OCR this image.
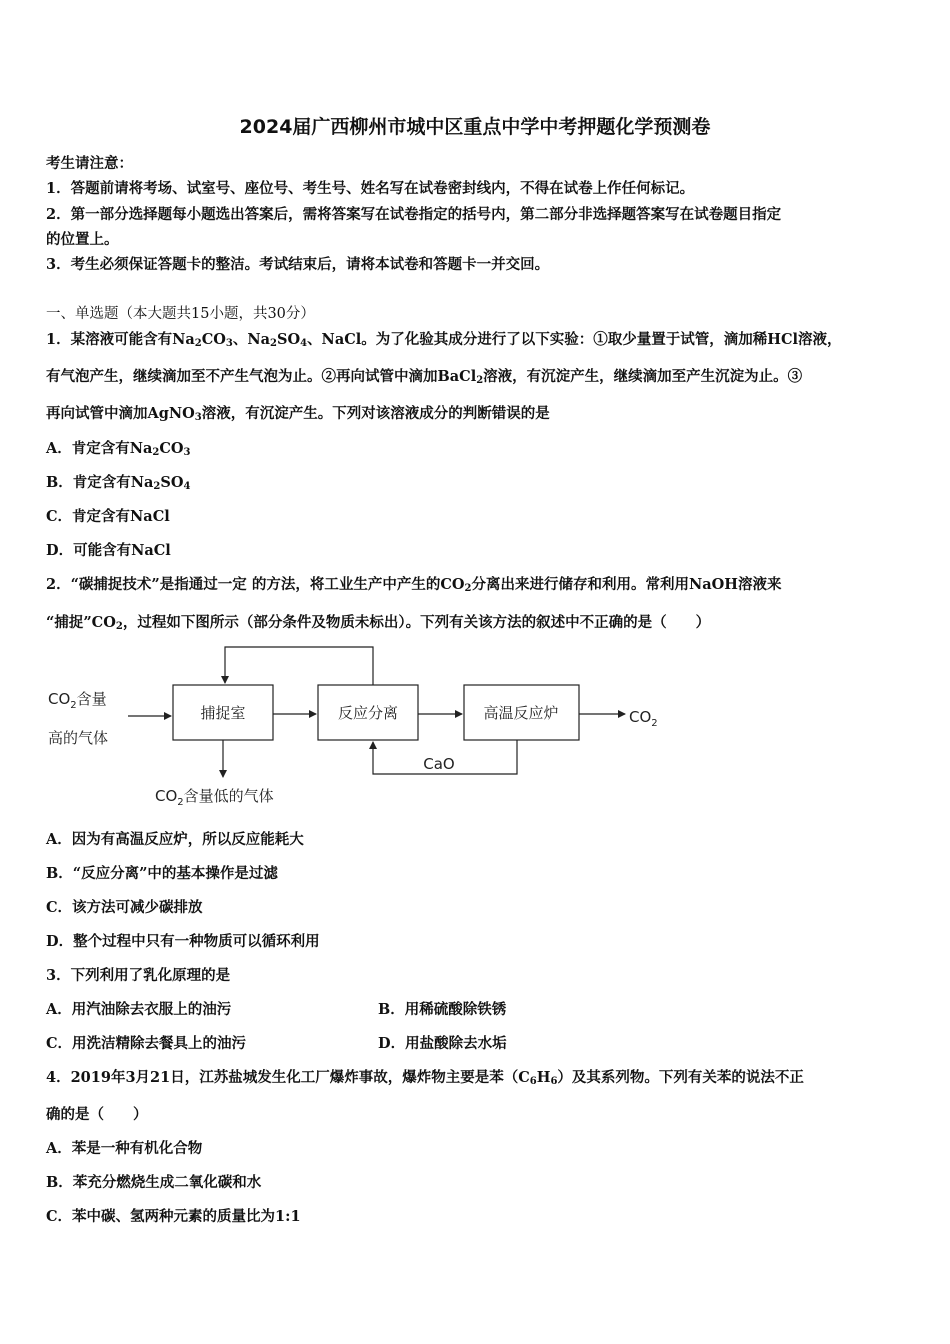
2024届广西柳州市城中区重点中学中考押题化学预测卷
考生请注意：
1．答题前请将考场、试室号、座位号、考生号、姓名写在试卷密封线内，不得在试卷上作任何标记。
2．第一部分选择题每小题选出答案后，需将答案写在试卷指定的括号内，第二部分非选择题答案写在试卷题目指定
的位置上。
3．考生必须保证答题卡的整洁。考试结束后，请将本试卷和答题卡一并交回。
一、单选题（本大题共15小题，共30分）
1．某溶液可能含有$Na_2CO_3$、$Na_2SO_4$、NaCl。为了化验其成分进行了以下实验：①取少量置于试管，滴加稀HCl溶液，
有气泡产生，继续滴加至不产生气泡为止。②再向试管中滴加BaCl$_2$溶液，有沉淀产生，继续滴加至产生沉淀为止。③
再向试管中滴加AgNO$_3$溶液，有沉淀产生。下列对该溶液成分的判断错误的是
A．肯定含有$Na_2CO_3$
B．肯定含有$Na_2SO_4$
C．肯定含有NaCl
D．可能含有NaCl
2．“碳捕捉技术”是指通过一定 的方法，将工业生产中产生的$CO_2$分离出来进行储存和利用。常利用NaOH溶液来
“捕捉$”CO_2$，过程如下图所示（部分条件及物质未标出）。下列有关该方法的叙述中不正确的是（　　）
$CO_2$含量
高的气体
捕捉室	反应分离	高温反应炉	$CO_2$
$CO_2$含量低的气体
CaO
A．因为有高温反应炉，所以反应能耗大
B．“反应分离”中的基本操作是过滤
C．该方法可减少碳排放
D．整个过程中只有一种物质可以循环利用
3．下列利用了乳化原理的是
A．用汽油除去衣服上的油污	B．用稀硫酸除铁锈
C．用洗洁精除去餐具上的油污	D．用盐酸除去水垢
4．2019年3月21日，江苏盐城发生化工厂爆炸事故，爆炸物主要是苯$(C_6H_6)$及其系列物。下列有关苯的说法不正
确的是（　　）
A．苯是一种有机化合物
B．苯充分燃烧生成二氧化碳和水
C．苯中碳、氢两种元素的质量比为1:1
